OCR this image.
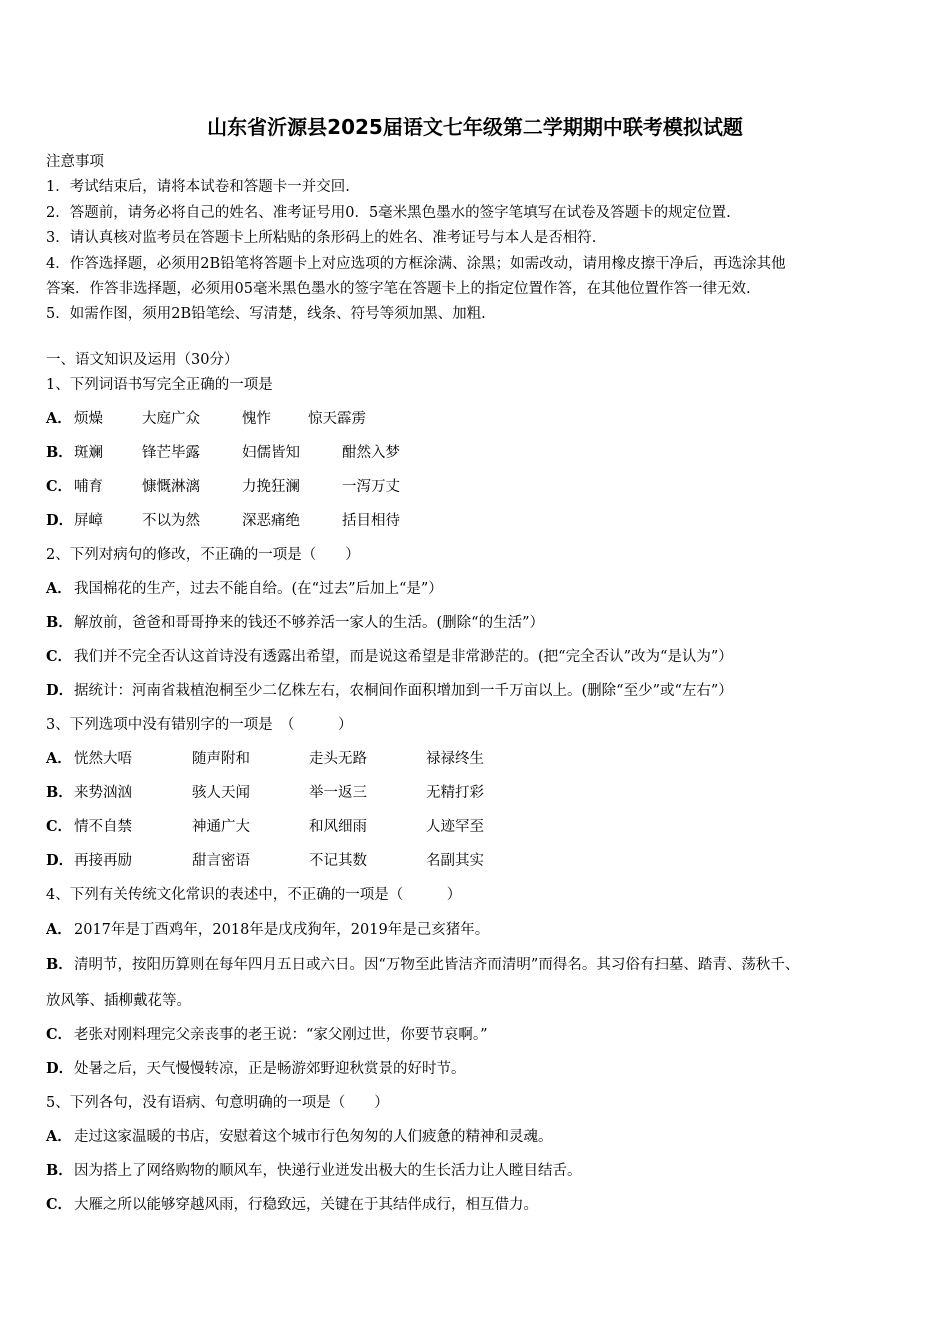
山东省沂源县2025届语文七年级第二学期期中联考模拟试题
注意事项
1．考试结束后，请将本试卷和答题卡一并交回.
2．答题前，请务必将自己的姓名、准考证号用0．5毫米黑色墨水的签字笔填写在试卷及答题卡的规定位置.
3．请认真核对监考员在答题卡上所粘贴的条形码上的姓名、准考证号与本人是否相符.
4．作答选择题，必须用2B铅笔将答题卡上对应选项的方框涂满、涂黑；如需改动，请用橡皮擦干净后，再选涂其他
答案．作答非选择题，必须用05毫米黑色墨水的签字笔在答题卡上的指定位置作答，在其他位置作答一律无效.
5．如需作图，须用2B铅笔绘、写清楚，线条、符号等须加黑、加粗.
一、语文知识及运用（30分）
1、下列词语书写完全正确的一项是
A． 烦燥	大庭广众	愧怍	惊天霹雳
B． 斑斓	锋芒毕露	妇儒皆知	酣然入梦
C． 哺育	慷慨淋漓	力挽狂澜	一泻万丈
D． 屏嶂	不以为然	深恶痛绝	括目相待
2、下列对病句的修改，不正确的一项是（　　）
A． 我国棉花的生产，过去不能自给。(在“过去”后加上“是”）
B．解放前，爸爸和哥哥挣来的钱还不够养活一家人的生活。(删除“的生活”）
C． 我们并不完全否认这首诗没有透露出希望，而是说这希望是非常渺茫的。(把“完全否认”改为“是认为”）
D．据统计：河南省栽植泡桐至少二亿株左右，农桐间作面积增加到一千万亩以上。(删除“至少”或“左右”）
3、下列选项中没有错别字的一项是　（　　　）
A． 恍然大唔	随声附和	走头无路	禄禄终生
B． 来势汹汹	骇人天闻	举一返三	无精打彩
C． 情不自禁	神通广大	和风细雨	人迹罕至
D． 再接再励	甜言密语	不记其数	名副其实
4、下列有关传统文化常识的表述中，不正确的一项是（　　　）
A． 2017年是丁酉鸡年，2018年是戊戌狗年，2019年是己亥猪年。
B．清明节，按阳历算则在每年四月五日或六日。因“万物至此皆洁齐而清明”而得名。其习俗有扫墓、踏青、荡秋千、
放风筝、插柳戴花等。
C． 老张对刚料理完父亲丧事的老王说：“家父刚过世，你要节哀啊。”
D．处暑之后，天气慢慢转凉，正是畅游郊野迎秋赏景的好时节。
5、下列各句，没有语病、句意明确的一项是（　　）
A． 走过这家温暖的书店，安慰着这个城市行色匆匆的人们疲惫的精神和灵魂。
B．因为搭上了网络购物的顺风车，快递行业迸发出极大的生长活力让人瞠目结舌。
C． 大雁之所以能够穿越风雨，行稳致远，关键在于其结伴成行，相互借力。
